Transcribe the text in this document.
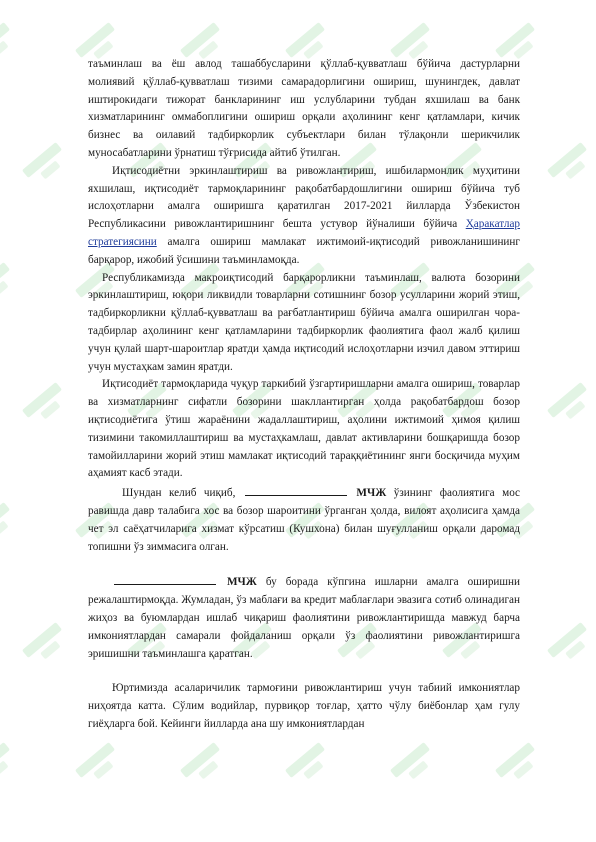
таъминлаш ва ёш авлод ташаббусларини қўллаб-қувватлаш бўйича дастурларни молиявий қўллаб-қувватлаш тизими самарадорлигини ошириш, шунингдек, давлат иштирокидаги тижорат банкларининг иш услубларини тубдан яхшилаш ва банк хизматларининг оммабоплигини ошириш орқали аҳолининг кенг қатламлари, кичик бизнес ва оилавий тадбиркорлик субъектлари билан тўлақонли шерикчилик муносабатларини ўрнатиш тўғрисида айтиб ўтилган.

Иқтисодиётни эркинлаштириш ва ривожлантириш, ишбилармонлик муҳитини яхшилаш, иқтисодиёт тармоқларининг рақобатбардошлигини ошириш бўйича туб ислоҳотларни амалга оширишга қаратилган 2017-2021 йилларда Ўзбекистон Республикасини ривожлантиришнинг бешта устувор йўналиши бўйича Ҳаракатлар стратегиясини амалга ошириш мамлакат ижтимоий-иқтисодий ривожланишининг барқарор, ижобий ўсишини таъминламоқда.

Республикамизда макроиқтисодий барқарорликни таъминлаш, валюта бозорини эркинлаштириш, юқори ликвидли товарларни сотишнинг бозор усулларини жорий этиш, тадбиркорликни қўллаб-қувватлаш ва рағбатлантириш бўйича амалга оширилган чора-тадбирлар аҳолининг кенг қатламларини тадбиркорлик фаолиятига фаол жалб қилиш учун қулай шарт-шароитлар яратди ҳамда иқтисодий ислоҳотларни изчил давом эттириш учун мустаҳкам замин яратди.

Иқтисодиёт тармоқларида чуқур таркибий ўзгартиришларни амалга ошириш, товарлар ва хизматларнинг сифатли бозорини шакллантирган ҳолда рақобатбардош бозор иқтисодиётига ўтиш жараёнини жадаллаштириш, аҳолини ижтимоий ҳимоя қилиш тизимини такомиллаштириш ва мустаҳкамлаш, давлат активларини бошқаришда бозор тамойилларини жорий этиш мамлакат иқтисодий тараққиётининг янги босқичида муҳим аҳамият касб этади.

Шундан келиб чиқиб,	МЧЖ ўзининг фаолиятига мос равишда давр талабига хос ва бозор шароитини ўрганган ҳолда, вилоят аҳолисига ҳамда чет эл саёҳатчиларига хизмат кўрсатиш (Кушхона) билан шуғулланиш орқали даромад топишни ўз зиммасига олган.

МЧЖ бу борада кўпгина ишларни амалга оширишни режалаштирмоқда. Жумладан, ўз маблағи ва кредит маблағлари эвазига сотиб олинадиган жиҳоз ва буюмлардан ишлаб чиқариш фаолиятини ривожлантиришда мавжуд барча имкониятлардан самарали фойдаланиш орқали ўз фаолиятини ривожлантиришга эришишни таъминлашга қаратган.

Юртимизда асаларичилик тармоғини ривожлантириш учун табиий имкониятлар ниҳоятда катта. Сўлим водийлар, пурвиқор тоғлар, ҳатто чўлу биёбонлар ҳам гулу гиёҳларга бой. Кейинги йилларда ана шу имкониятлардан
